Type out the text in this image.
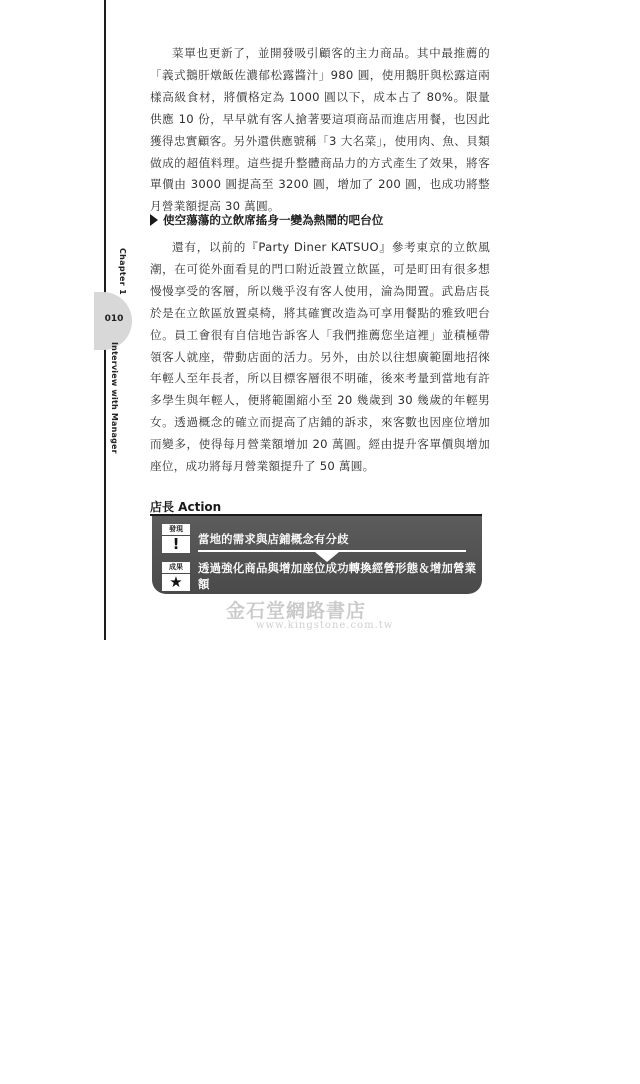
010
Chapter 1
Interview with Manager

菜單也更新了，並開發吸引顧客的主力商品。其中最推薦的「義式鵝肝燉飯佐濃郁松露醬汁」980 圓，使用鵝肝與松露這兩樣高級食材，將價格定為 1000 圓以下，成本占了 80%。限量供應 10 份，早早就有客人搶著要這項商品而進店用餐，也因此獲得忠實顧客。另外還供應號稱「3 大名菜」，使用肉、魚、貝類做成的超值料理。這些提升整體商品力的方式產生了效果，將客單價由 3000 圓提高至 3200 圓，增加了 200 圓，也成功將整月營業額提高 30 萬圓。

使空蕩蕩的立飲席搖身一變為熱鬧的吧台位

還有，以前的『Party Diner KATSUO』參考東京的立飲風潮，在可從外面看見的門口附近設置立飲區，可是町田有很多想慢慢享受的客層，所以幾乎沒有客人使用，淪為閒置。武島店長於是在立飲區放置桌椅，將其確實改造為可享用餐點的雅致吧台位。員工會很有自信地告訴客人「我們推薦您坐這裡」並積極帶領客人就座，帶動店面的活力。另外，由於以往想廣範圍地招徠年輕人至年長者，所以目標客層很不明確，後來考量到當地有許多學生與年輕人，便將範圍縮小至 20 幾歲到 30 幾歲的年輕男女。透過概念的確立而提高了店鋪的訴求，來客數也因座位增加而變多，使得每月營業額增加 20 萬圓。經由提升客單價與增加座位，成功將每月營業額提升了 50 萬圓。

店長 Action
Kingstone
發現
!	當地的需求與店鋪概念有分歧
成果
★
透過強化商品與增加座位成功轉換經營形態＆增加營業額
金石堂網路書店
www.kingstone.com.tw
